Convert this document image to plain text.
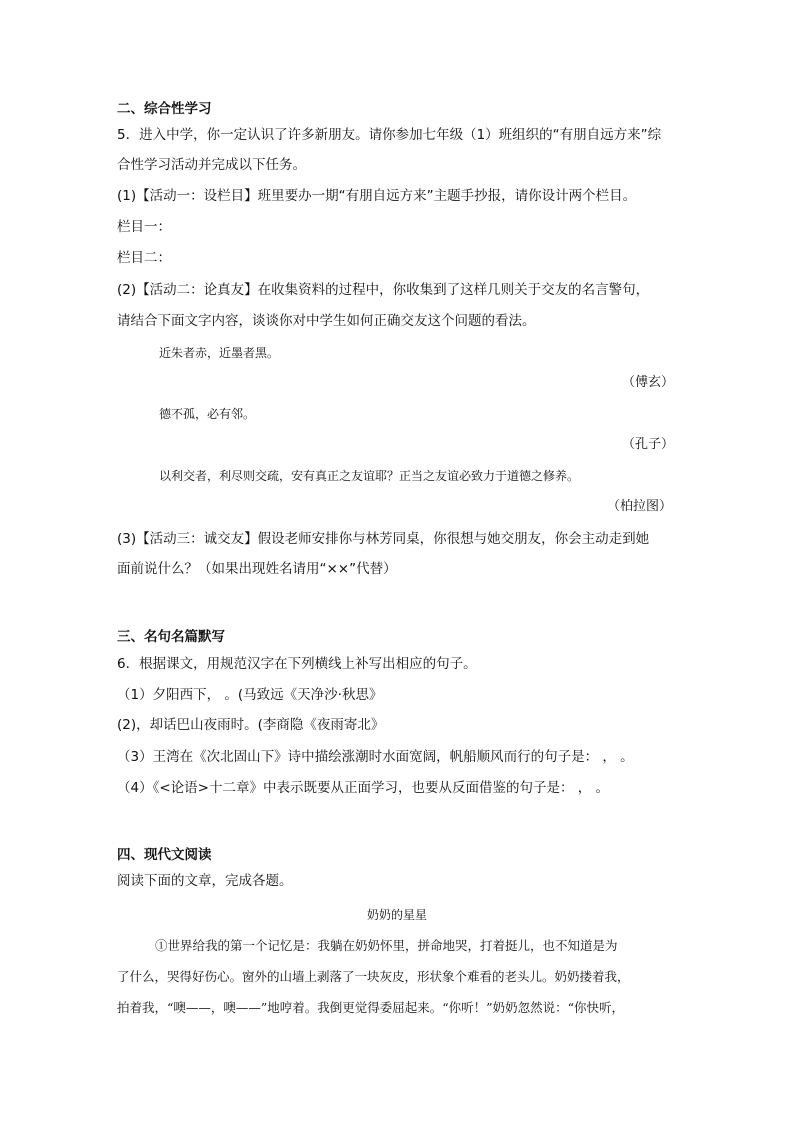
二、综合性学习
5．进入中学，你一定认识了许多新朋友。请你参加七年级（1）班组织的“有朋自远方来”综
合性学习活动并完成以下任务。
(1)【活动一：设栏目】班里要办一期“有朋自远方来”主题手抄报，请你设计两个栏目。
栏目一：
栏目二：
(2)【活动二：论真友】在收集资料的过程中，你收集到了这样几则关于交友的名言警句，
请结合下面文字内容，谈谈你对中学生如何正确交友这个问题的看法。
近朱者赤，近墨者黑。
（傅玄）
德不孤，必有邻。
（孔子）
以利交者，利尽则交疏，安有真正之友谊耶？正当之友谊必致力于道德之修养。
（柏拉图）
(3)【活动三：诚交友】假设老师安排你与林芳同桌，你很想与她交朋友，你会主动走到她
面前说什么？（如果出现姓名请用“××”代替）
三、名句名篇默写
6．根据课文，用规范汉字在下列横线上补写出相应的句子。
（1）夕阳西下， 。(马致远《天净沙·秋思》
(2)，却话巴山夜雨时。(李商隐《夜雨寄北》
（3）王湾在《次北固山下》诗中描绘涨潮时水面宽阔，帆船顺风而行的句子是： ， 。
（4）《<论语>十二章》中表示既要从正面学习，也要从反面借鉴的句子是： ， 。
四、现代文阅读
阅读下面的文章，完成各题。
奶奶的星星
①世界给我的第一个记忆是：我躺在奶奶怀里，拼命地哭，打着挺儿，也不知道是为
了什么，哭得好伤心。窗外的山墙上剥落了一块灰皮，形状象个难看的老头儿。奶奶搂着我，
拍着我，“噢——，噢——”地哼着。我倒更觉得委屈起来。“你听！”奶奶忽然说：“你快听，
